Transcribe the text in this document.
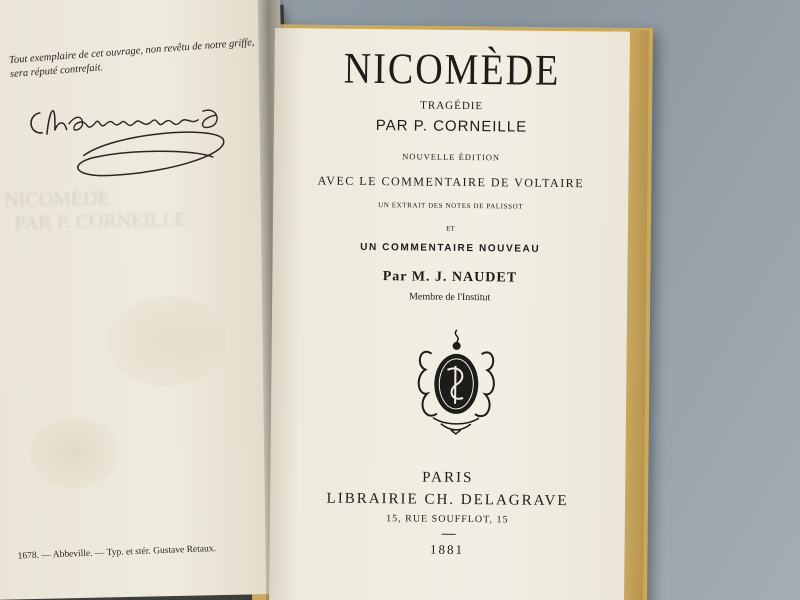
Tout exemplaire de cet ouvrage, non revêtu de notre griffe, sera réputé contrefait.
NICOMÈDE
PAR P. CORNEILLE
1678. — Abbeville. — Typ. et stér. Gustave Retaux.
NICOMÈDE
TRAGÉDIE
PAR P. CORNEILLE
NOUVELLE ÉDITION
AVEC LE COMMENTAIRE DE VOLTAIRE
UN EXTRAIT DES NOTES DE PALISSOT
ET
UN COMMENTAIRE NOUVEAU
Par M. J. NAUDET
Membre de l'Institut
PARIS
LIBRAIRIE CH. DELAGRAVE
15, RUE SOUFFLOT, 15
1881
